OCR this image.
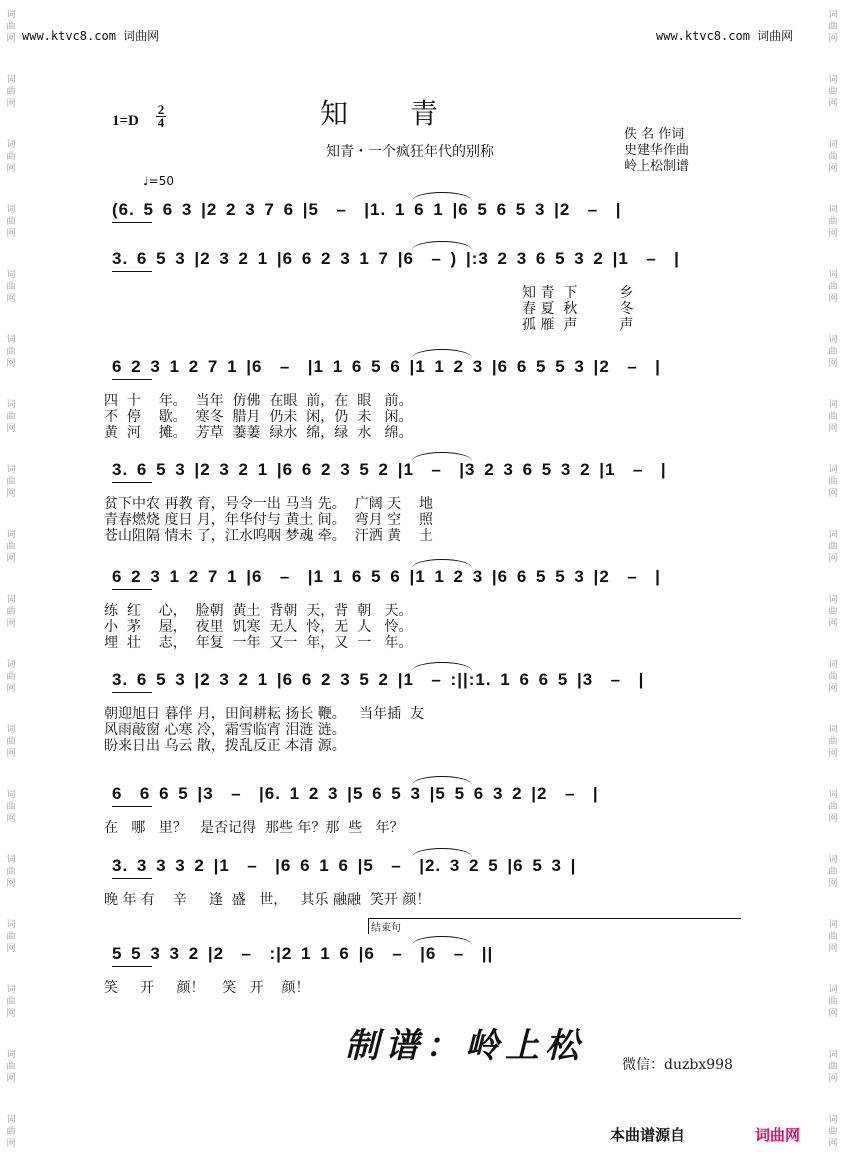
词
曲
网
词
曲
网
词
曲
网
词
曲
网
词
曲
网
词
曲
网
词
曲
网
词
曲
网
词
曲
网
词
曲
网
词
曲
网
词
曲
网
词
曲
网
词
曲
网
词
曲
网
词
曲
网
词
曲
网
词
曲
网
词
曲
网
词
曲
网
词
曲
网
词
曲
网
词
曲
网
词
曲
网
词
曲
网
词
曲
网
词
曲
网
词
曲
网
词
曲
网
词
曲
网
词
曲
网
词
曲
网
词
曲
网
词
曲
网
词
曲
网
词
曲
网
www.ktvc8.com 词曲网	www.ktvc8.com 词曲网
1=D
2
4	知　　青
知青・一个疯狂年代的别称
佚 名 作词
史建华作曲
岭上松制谱
♩=50
(6. 5 6 3 |2 2 3 7 6 |5  –  |1. 1 6 1 |6 5 6 5 3 |2  –  |
3. 6 5 3 |2 3 2 1 |6 6 2 3 1 7 |6  – ) |:3 2 3 6 5 3 2 |1  –  |
知 青  下　　　乡
春 夏  秋　　　冬
孤 雁  声　　　声
6 2 3 1 2 7 1 |6  –  |1 1 6 5 6 |1 1 2 3 |6 6 5 5 3 |2  –  |
四  十    年。  当年  仿佛  在眼  前，在  眼   前。
不  停    歇。  寒冬  腊月  仍未  闲，仍  未   闲。
黄  河    摊。  芳草  萋萋  绿水  绵，绿  水   绵。
3. 6 5 3 |2 3 2 1 |6 6 2 3 5 2 |1  –  |3 2 3 6 5 3 2 |1  –  |
贫下中农 再教 育，号令一出 马当 先。  广阔 天    地
青春燃烧 度日 月，年华付与 黄土 间。  弯月 空    照
苍山阻隔 情未 了，江水呜咽 梦魂 牵。  汗洒 黄    土
6 2 3 1 2 7 1 |6  –  |1 1 6 5 6 |1 1 2 3 |6 6 5 5 3 |2  –  |
练  红    心，  脸朝  黄土  背朝  天，背  朝   天。
小  茅    屋，  夜里  饥寒  无人  怜，无  人   怜。
埋  壮    志，  年复  一年  又一  年，又  一   年。
3. 6 5 3 |2 3 2 1 |6 6 2 3 5 2 |1  – :||:1. 1 6 6 5 |3  –  |
朝迎旭日 暮伴 月，田间耕耘 扬长 鞭。   当年插  友
风雨敲窗 心寒 冷，霜雪临宵 泪涟 涟。
盼来日出 乌云 散，拨乱反正 本清 源。
6  6 6 5 |3  –  |6. 1 2 3 |5 6 5 3 |5 5 6 3 2 |2  –  |
在   哪   里？   是否记得  那些 年？那  些   年？
3. 3 3 3 2 |1  –  |6 6 1 6 |5  –  |2. 3 2 5 |6 5 3 |
晚 年 有    辛     逢  盛   世，   其乐 融融  笑开 颜！
5 5 3 3 2 |2  –  :|2 1 1 6 |6  –  |6  –  ||
结束句
笑     开     颜！    笑   开    颜！
制谱：岭上松	微信：duzbx998
本曲谱源自	词曲网
